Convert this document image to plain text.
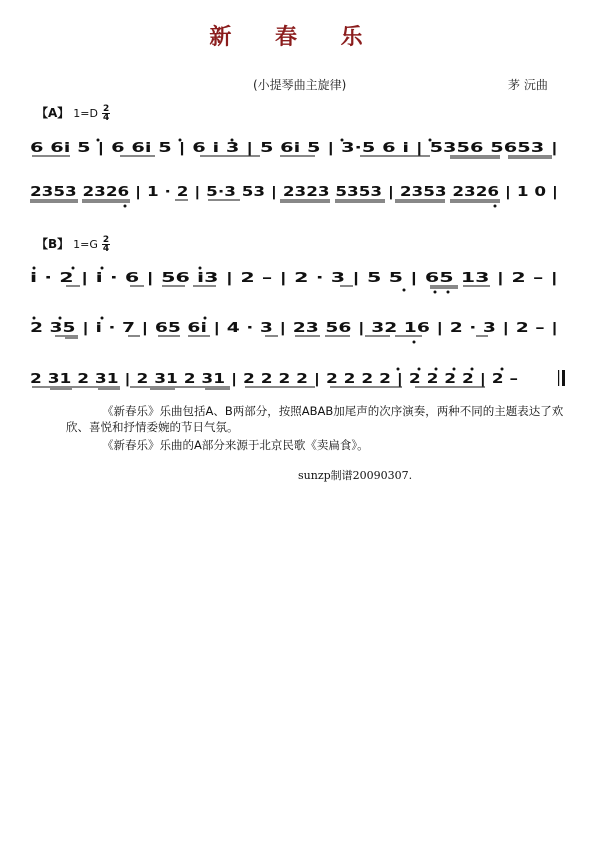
新 春 乐
(小提琴曲主旋律)	茅 沅曲
【A】 $1=D \frac{2}{4}$
6 6i 5 | 6 6i 5 | 6 i 3 | 5 6i 5 | 3·5 6 i | 5356 5653 |
2353 2326 | 1 · 2 | 5·3 53 | 2323 5353 | 2353 2326 | 1 0 |
【B】 $1=G \frac{2}{4}$
i · 2 | i · 6 | 56 i3 | 2 – | 2 · 3 | 5 5 | 65 13 | 2 – |
2 35 | i · 7 | 65 6i | 4 · 3 | 23 56 | 32 16 | 2 · 3 | 2 – |
2 31 2 31 | 2 31 2 31 | 2 2 2 2 | 2 2 2 2 | 2 2 2 2 | 2 –
《新春乐》乐曲包括A、B两部分，按照ABAB加尾声的次序演奏，两种不同的主题表达了欢欣、喜悦和抒情委婉的节日气氛。
《新春乐》乐曲的A部分来源于北京民歌《卖扁食》。
sunzp制谱20090307.
